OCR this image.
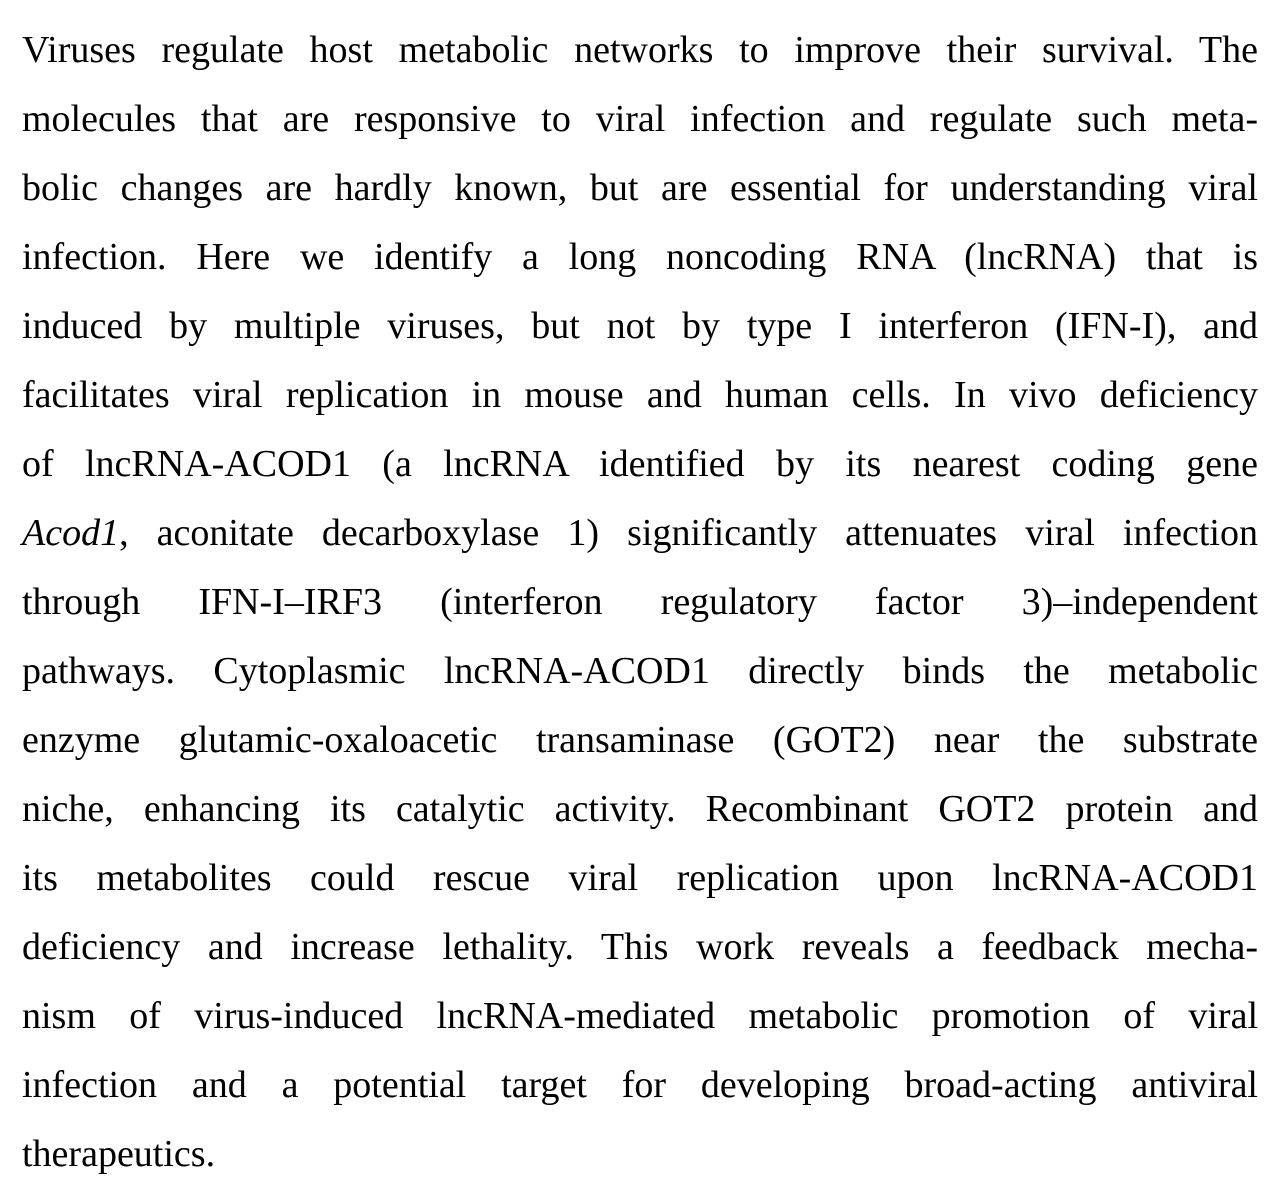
Viruses regulate host metabolic networks to improve their survival. The
molecules that are responsive to viral infection and regulate such meta-
bolic changes are hardly known, but are essential for understanding viral
infection. Here we identify a long noncoding RNA (lncRNA) that is
induced by multiple viruses, but not by type I interferon (IFN-I), and
facilitates viral replication in mouse and human cells. In vivo deficiency
of lncRNA-ACOD1 (a lncRNA identified by its nearest coding gene
Acod1, aconitate decarboxylase 1) significantly attenuates viral infection
through IFN-I–IRF3 (interferon regulatory factor 3)–independent
pathways. Cytoplasmic lncRNA-ACOD1 directly binds the metabolic
enzyme glutamic-oxaloacetic transaminase (GOT2) near the substrate
niche, enhancing its catalytic activity. Recombinant GOT2 protein and
its metabolites could rescue viral replication upon lncRNA-ACOD1
deficiency and increase lethality. This work reveals a feedback mecha-
nism of virus-induced lncRNA-mediated metabolic promotion of viral
infection and a potential target for developing broad-acting antiviral
therapeutics.
